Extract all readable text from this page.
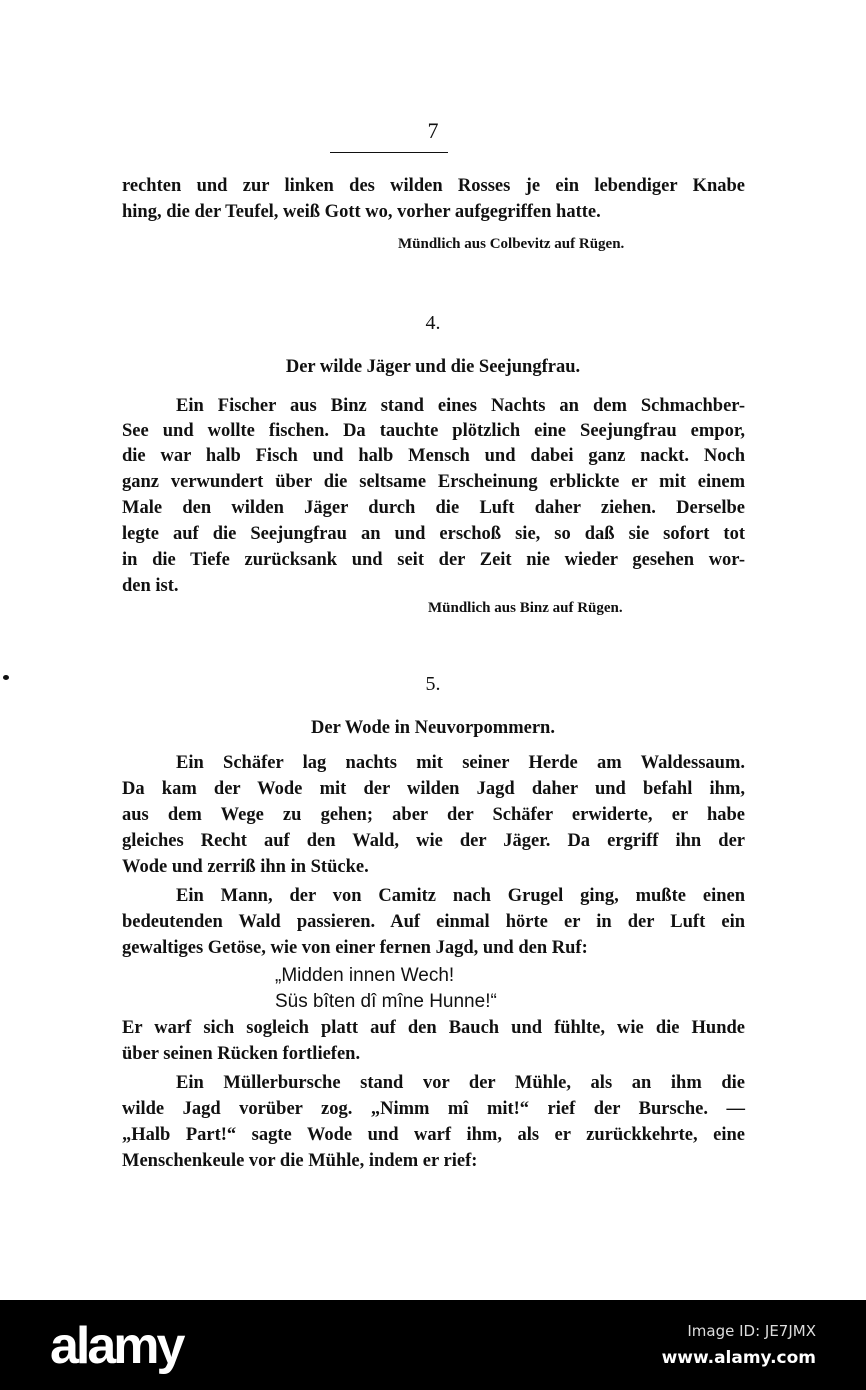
7
rechten und zur linken des wilden Rosses je ein lebendiger Knabe
hing, die der Teufel, weiß Gott wo, vorher aufgegriffen hatte.
Mündlich aus Colbevitz auf Rügen.
4.
Der wilde Jäger und die Seejungfrau.
Ein Fischer aus Binz stand eines Nachts an dem Schmachber-
See und wollte fischen. Da tauchte plötzlich eine Seejungfrau empor,
die war halb Fisch und halb Mensch und dabei ganz nackt. Noch
ganz verwundert über die seltsame Erscheinung erblickte er mit einem
Male den wilden Jäger durch die Luft daher ziehen. Derselbe
legte auf die Seejungfrau an und erschoß sie, so daß sie sofort tot
in die Tiefe zurücksank und seit der Zeit nie wieder gesehen wor-
den ist.
Mündlich aus Binz auf Rügen.
5.
Der Wode in Neuvorpommern.
Ein Schäfer lag nachts mit seiner Herde am Waldessaum.
Da kam der Wode mit der wilden Jagd daher und befahl ihm,
aus dem Wege zu gehen; aber der Schäfer erwiderte, er habe
gleiches Recht auf den Wald, wie der Jäger. Da ergriff ihn der
Wode und zerriß ihn in Stücke.
Ein Mann, der von Camitz nach Grugel ging, mußte einen
bedeutenden Wald passieren. Auf einmal hörte er in der Luft ein
gewaltiges Getöse, wie von einer fernen Jagd, und den Ruf:
„Midden innen Wech!
Süs bîten dî mîne Hunne!“
Er warf sich sogleich platt auf den Bauch und fühlte, wie die Hunde
über seinen Rücken fortliefen.
Ein Müllerbursche stand vor der Mühle, als an ihm die
wilde Jagd vorüber zog. „Nimm mî mit!“ rief der Bursche. —
„Halb Part!“ sagte Wode und warf ihm, als er zurückkehrte, eine
Menschenkeule vor die Mühle, indem er rief:
alamy	Image ID: JE7JMX
www.alamy.com
